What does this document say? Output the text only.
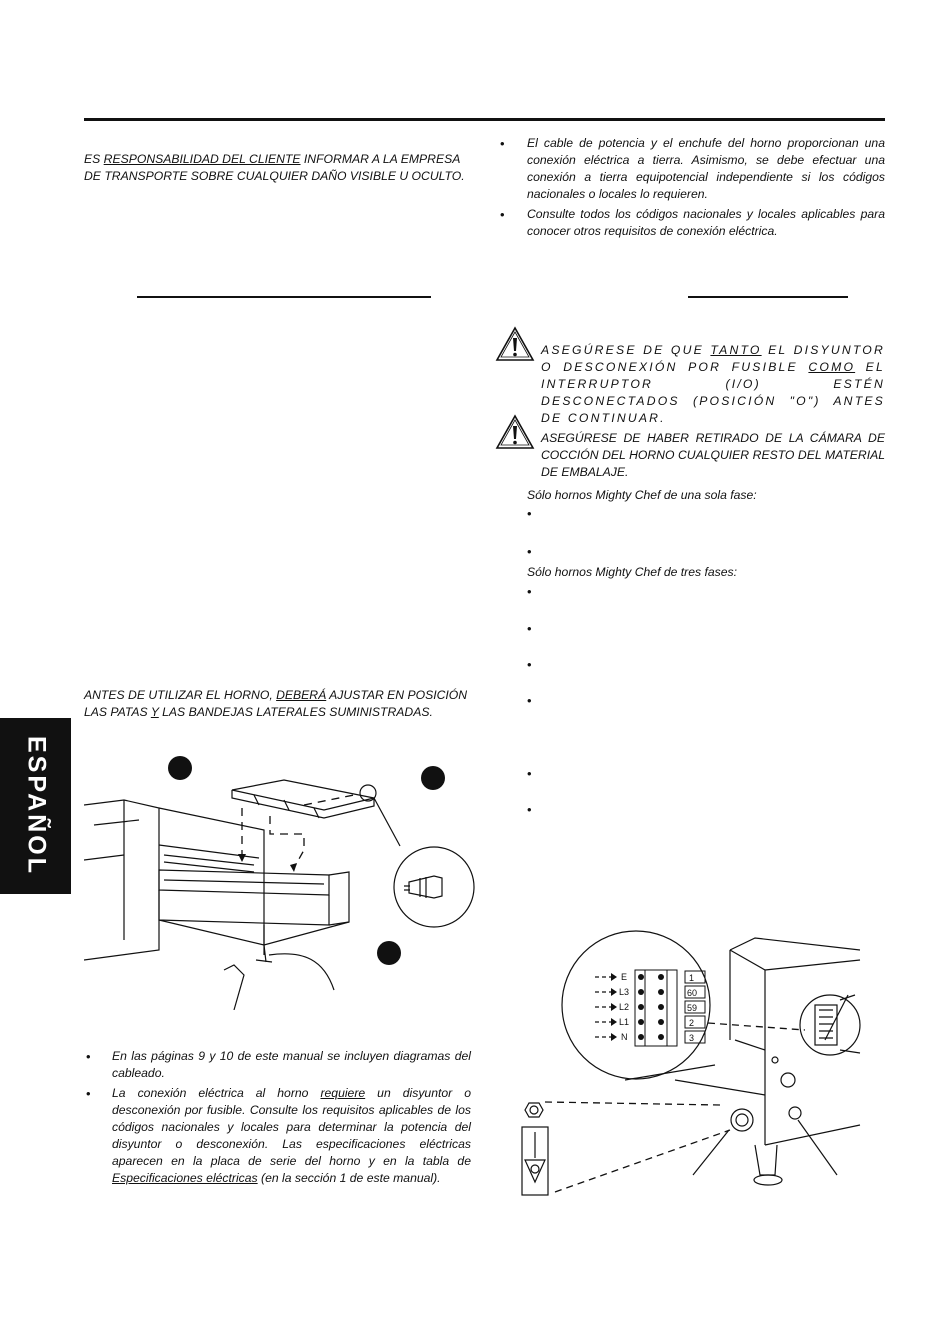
ES RESPONSABILIDAD DEL CLIENTE INFORMAR A LA EMPRESA
DE TRANSPORTE SOBRE CUALQUIER DAÑO VISIBLE U OCULTO.
ANTES DE UTILIZAR EL HORNO, DEBERÁ AJUSTAR EN POSICIÓN
LAS PATAS Y LAS BANDEJAS LATERALES SUMINISTRADAS.
• En las páginas 9 y 10 de este manual se incluyen diagramas del cableado.
• La conexión eléctrica al horno requiere un disyuntor o desconexión por fusible. Consulte los requisitos aplicables de los códigos nacionales y locales para determinar la potencia del disyuntor o desconexión. Las especificaciones eléctricas aparecen en la placa de serie del horno y en la tabla de Especificaciones eléctricas (en la sección 1 de este manual).
ESPAÑOL
• El cable de potencia y el enchufe del horno proporcionan una conexión eléctrica a tierra. Asimismo, se debe efectuar una conexión a tierra equipotencial independiente si los códigos nacionales o locales lo requieren.
• Consulte todos los códigos nacionales y locales aplicables para conocer otros requisitos de conexión eléctrica.
ASEGÚRESE DE QUE TANTO EL DISYUNTOR O DESCONEXIÓN POR FUSIBLE COMO EL INTERRUPTOR (I/O) ESTÉN DESCONECTADOS (POSICIÓN "O") ANTES DE CONTINUAR.
ASEGÚRESE DE HABER RETIRADO DE LA CÁMARA DE COCCIÓN DEL HORNO CUALQUIER RESTO DEL MATERIAL DE EMBALAJE.
Sólo hornos Mighty Chef de una sola fase:
•
•
Sólo hornos Mighty Chef de tres fases:
•
•
•
•
•
•
E
L3
L2
L1
N
1
60
59
2
3
